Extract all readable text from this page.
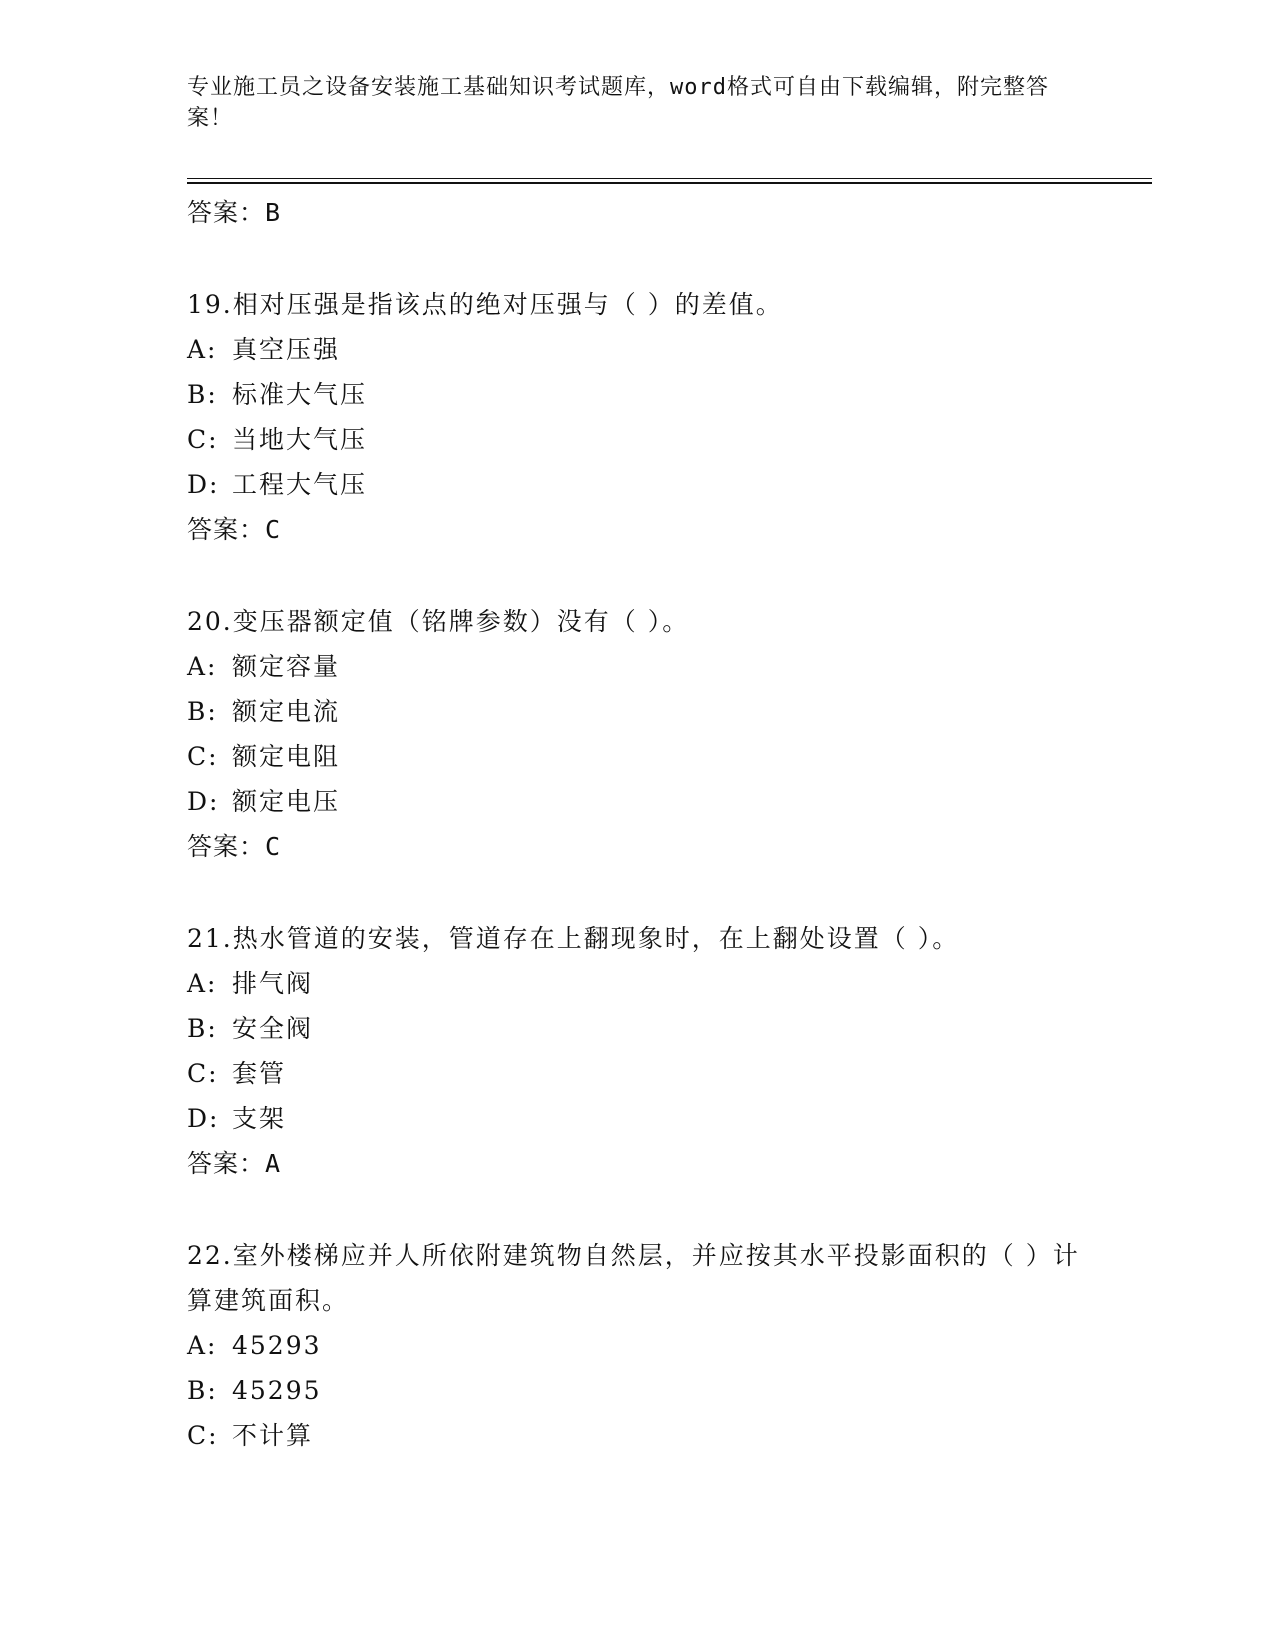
专业施工员之设备安装施工基础知识考试题库，word格式可自由下载编辑，附完整答案！
答案：B
19.相对压强是指该点的绝对压强与（ ）的差值。
A: 真空压强
B: 标准大气压
C: 当地大气压
D: 工程大气压
答案：C
20.变压器额定值（铭牌参数）没有（ ）。
A: 额定容量
B: 额定电流
C: 额定电阻
D: 额定电压
答案：C
21.热水管道的安装，管道存在上翻现象时，在上翻处设置（ ）。
A: 排气阀
B: 安全阀
C: 套管
D: 支架
答案：A
22.室外楼梯应并人所依附建筑物自然层，并应按其水平投影面积的（ ）计算建筑面积。
A: 45293
B: 45295
C: 不计算
